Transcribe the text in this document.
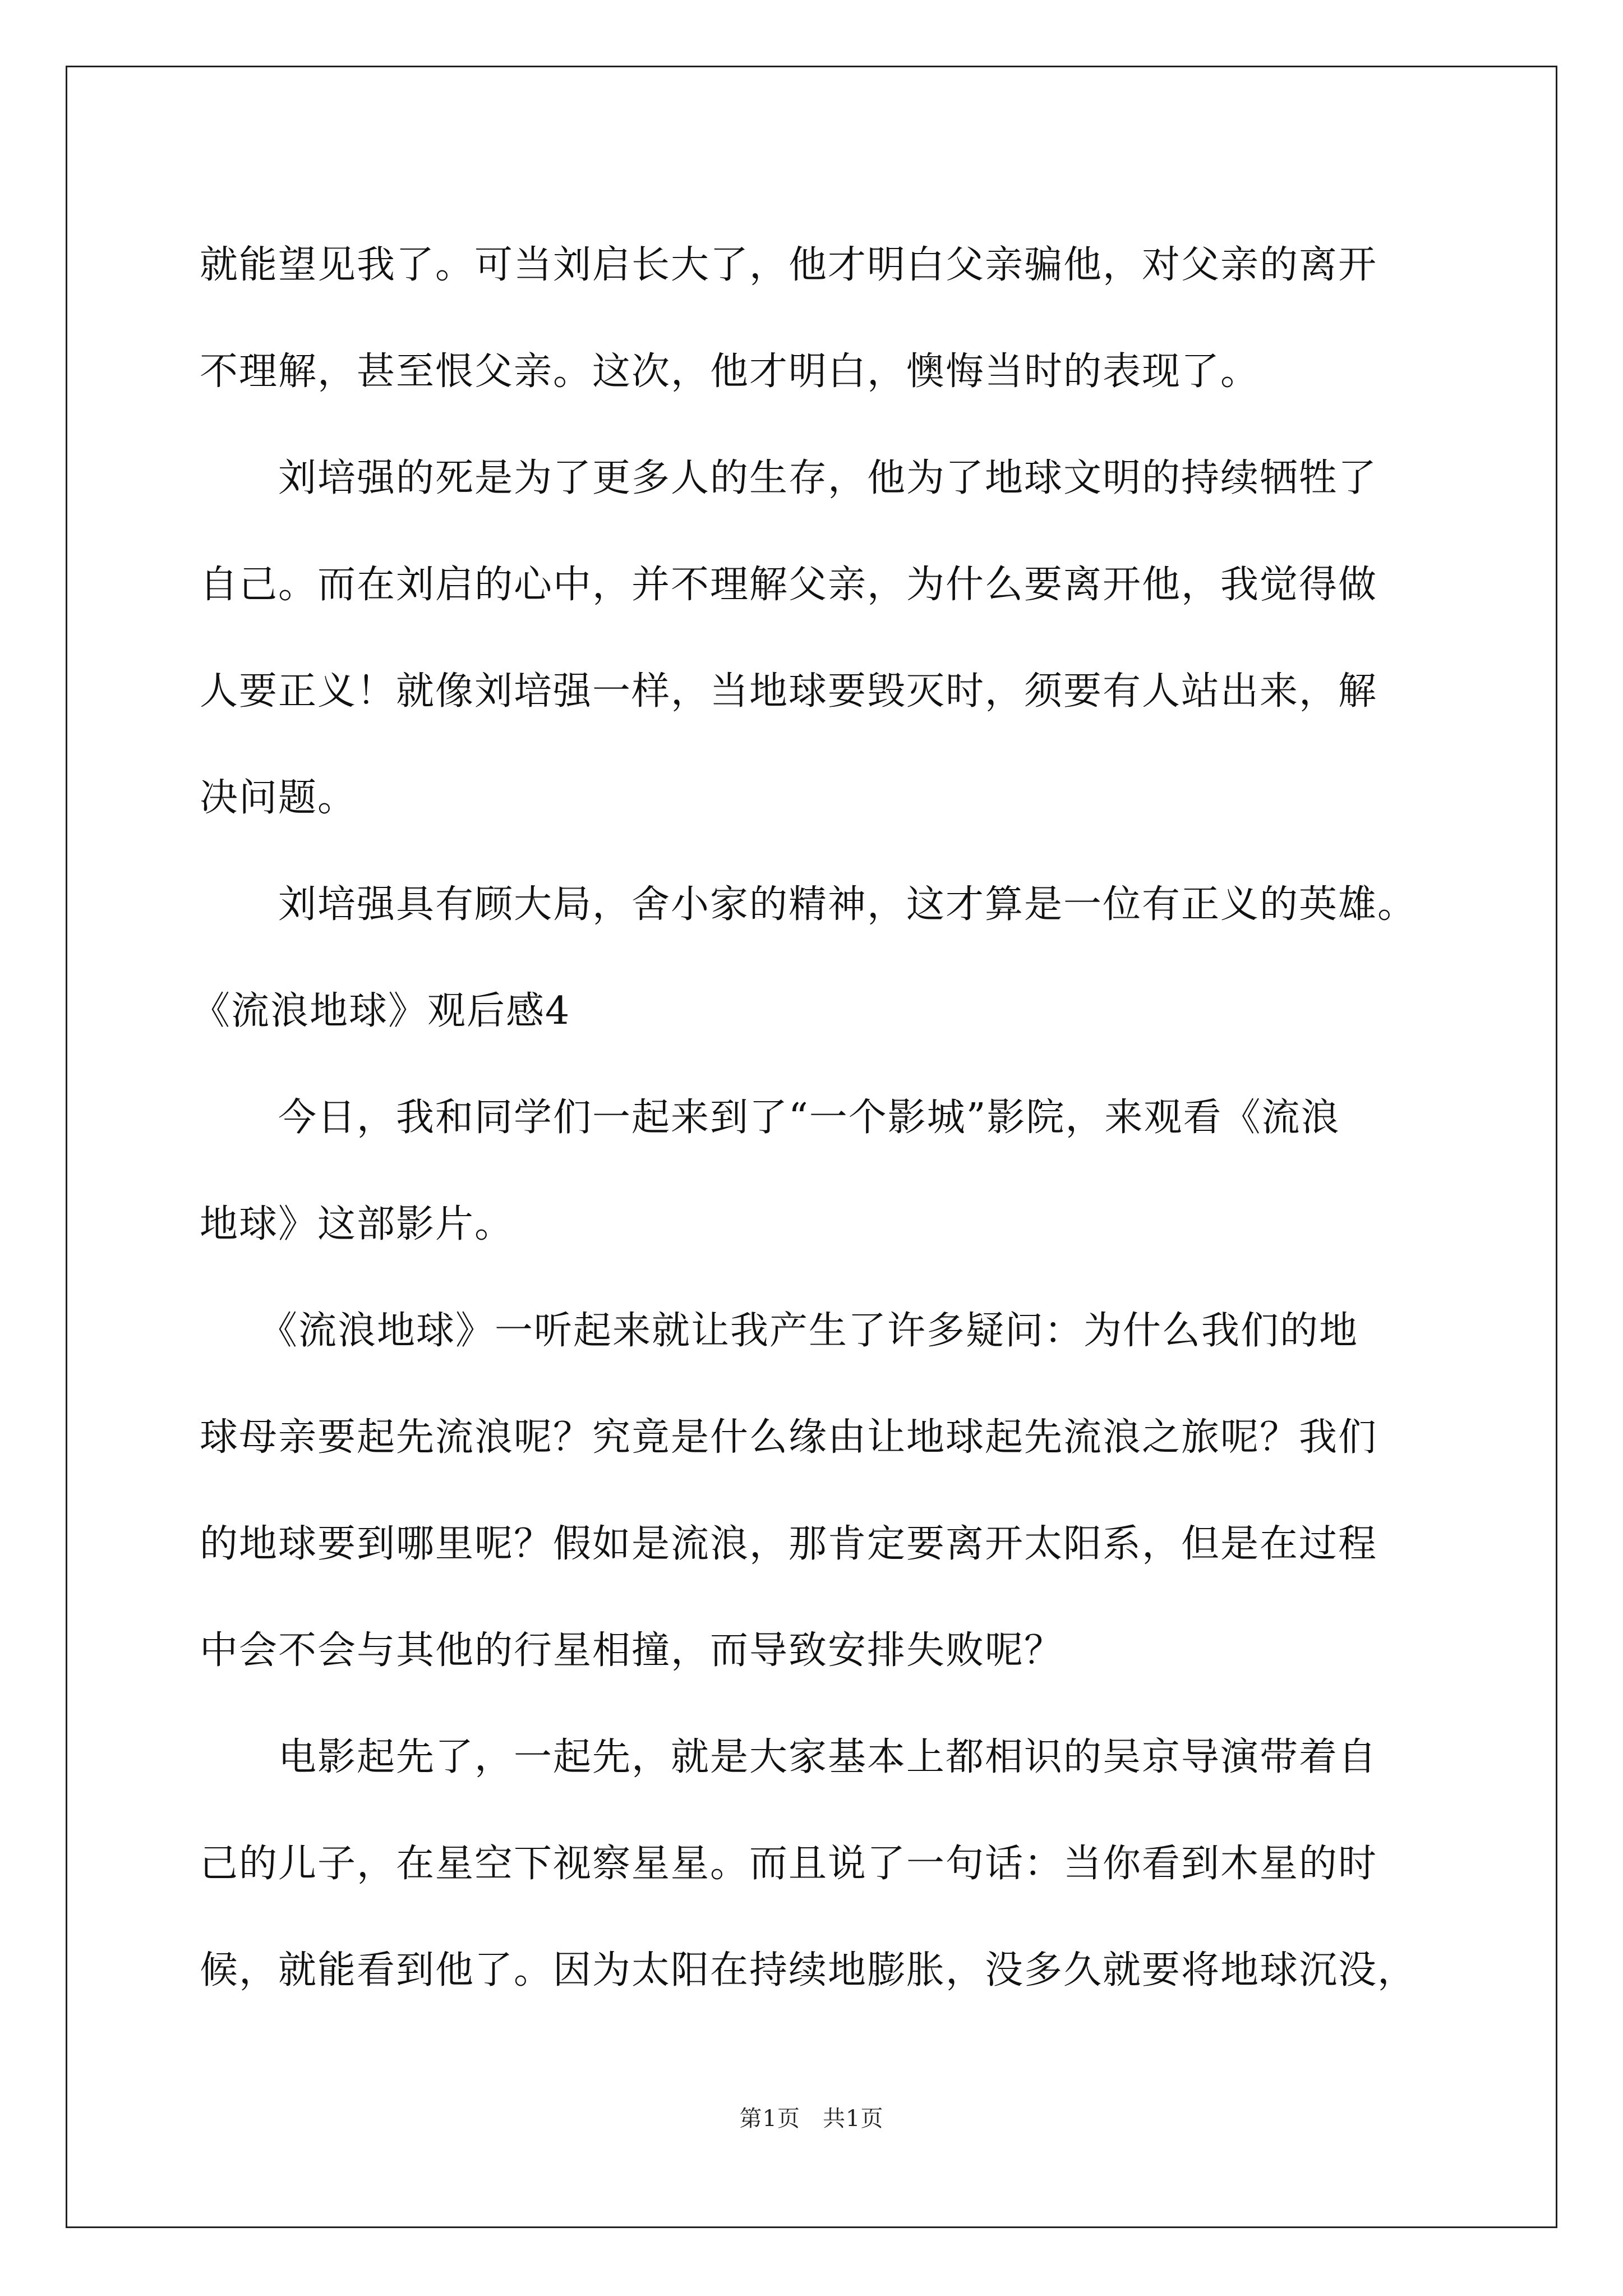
就能望见我了。可当刘启长大了，他才明白父亲骗他，对父亲的离开
不理解，甚至恨父亲。这次，他才明白，懊悔当时的表现了。
　　刘培强的死是为了更多人的生存，他为了地球文明的持续牺牲了
自己。而在刘启的心中，并不理解父亲，为什么要离开他，我觉得做
人要正义！就像刘培强一样，当地球要毁灭时，须要有人站出来，解
决问题。
　　刘培强具有顾大局，舍小家的精神，这才算是一位有正义的英雄。
《流浪地球》观后感4
　　今日，我和同学们一起来到了“一个影城”影院，来观看《流浪
地球》这部影片。
　　《流浪地球》一听起来就让我产生了许多疑问：为什么我们的地
球母亲要起先流浪呢？究竟是什么缘由让地球起先流浪之旅呢？我们
的地球要到哪里呢？假如是流浪，那肯定要离开太阳系，但是在过程
中会不会与其他的行星相撞，而导致安排失败呢？
　　电影起先了，一起先，就是大家基本上都相识的吴京导演带着自
己的儿子，在星空下视察星星。而且说了一句话：当你看到木星的时
候，就能看到他了。因为太阳在持续地膨胀，没多久就要将地球沉没，
第1页 共1页
